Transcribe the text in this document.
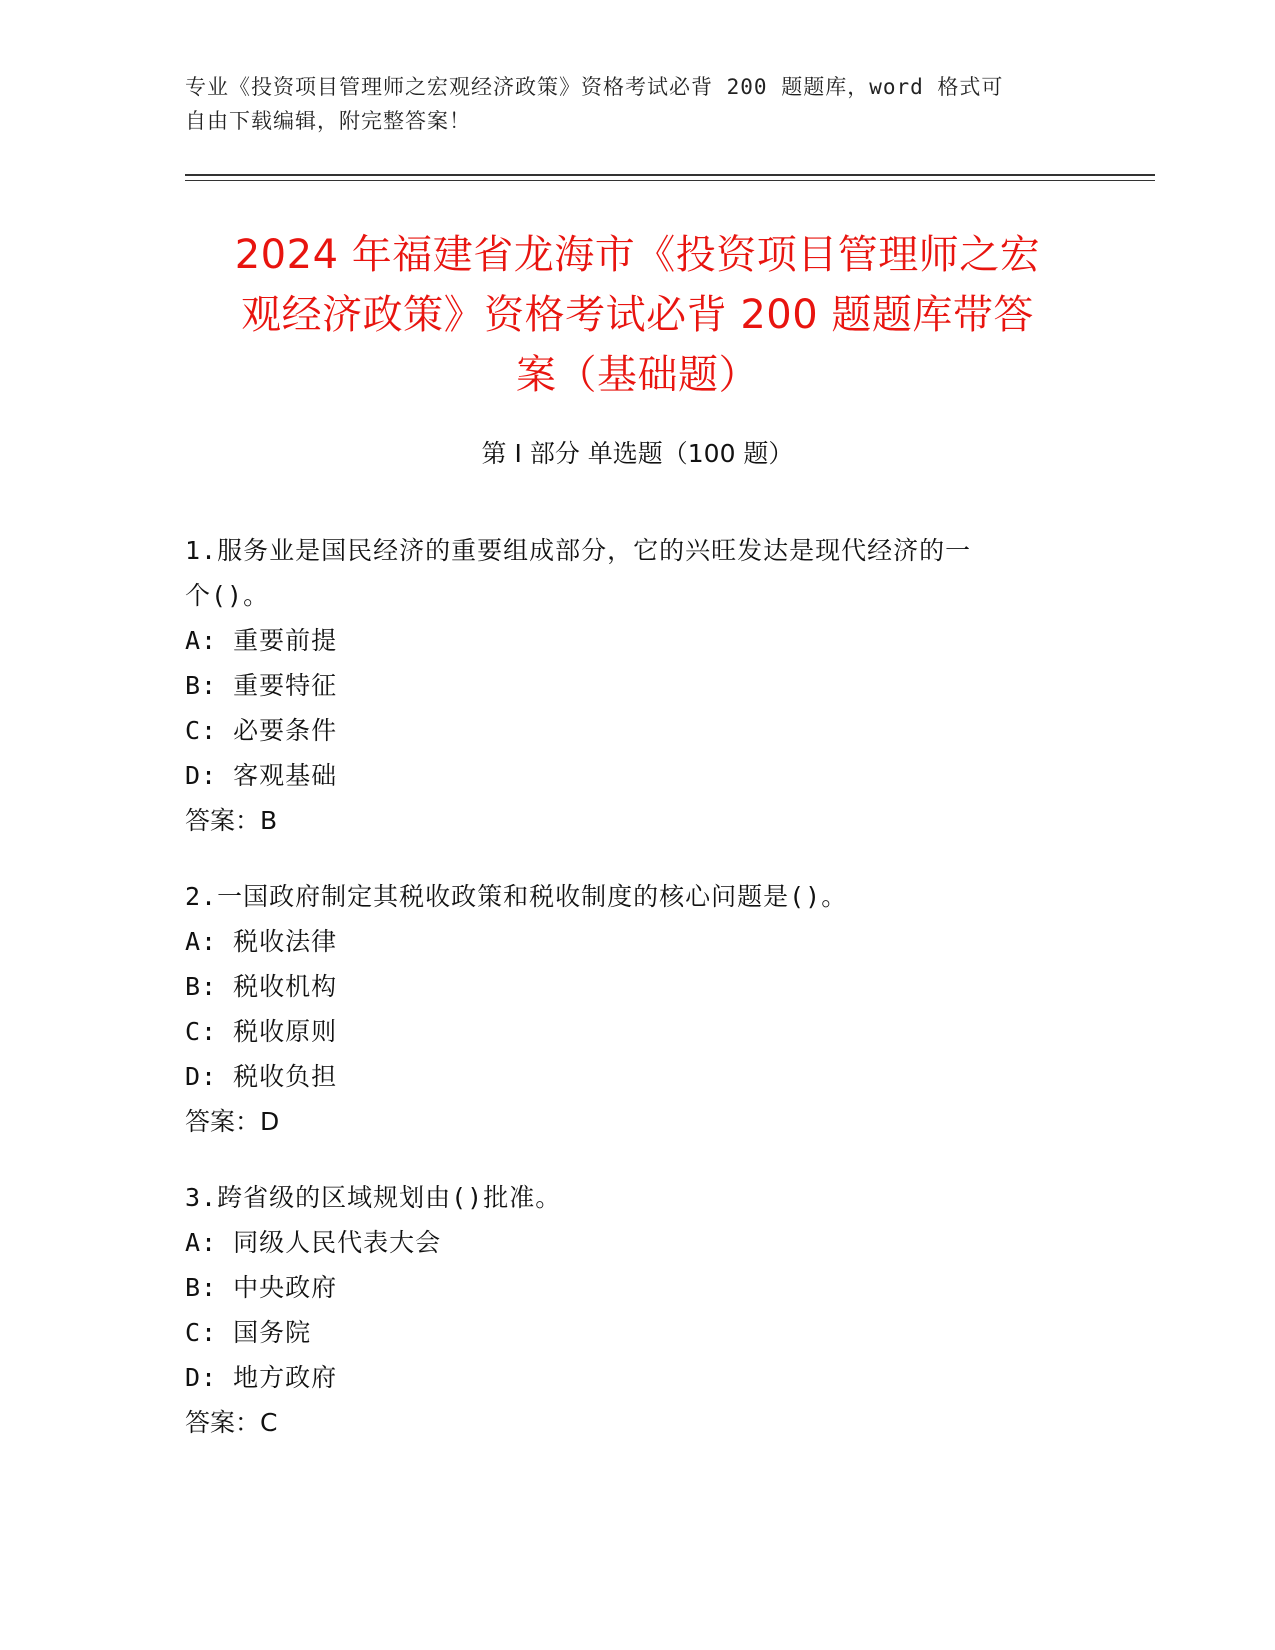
专业《投资项目管理师之宏观经济政策》资格考试必背 200 题题库，word 格式可
自由下载编辑，附完整答案！
2024 年福建省龙海市《投资项目管理师之宏
观经济政策》资格考试必背 200 题题库带答
案（基础题）
第 I 部分 单选题（100 题）
1.服务业是国民经济的重要组成部分，它的兴旺发达是现代经济的一
个()。
A: 重要前提
B: 重要特征
C: 必要条件
D: 客观基础
答案：B
2.一国政府制定其税收政策和税收制度的核心问题是()。
A: 税收法律
B: 税收机构
C: 税收原则
D: 税收负担
答案：D
3.跨省级的区域规划由()批准。
A: 同级人民代表大会
B: 中央政府
C: 国务院
D: 地方政府
答案：C
